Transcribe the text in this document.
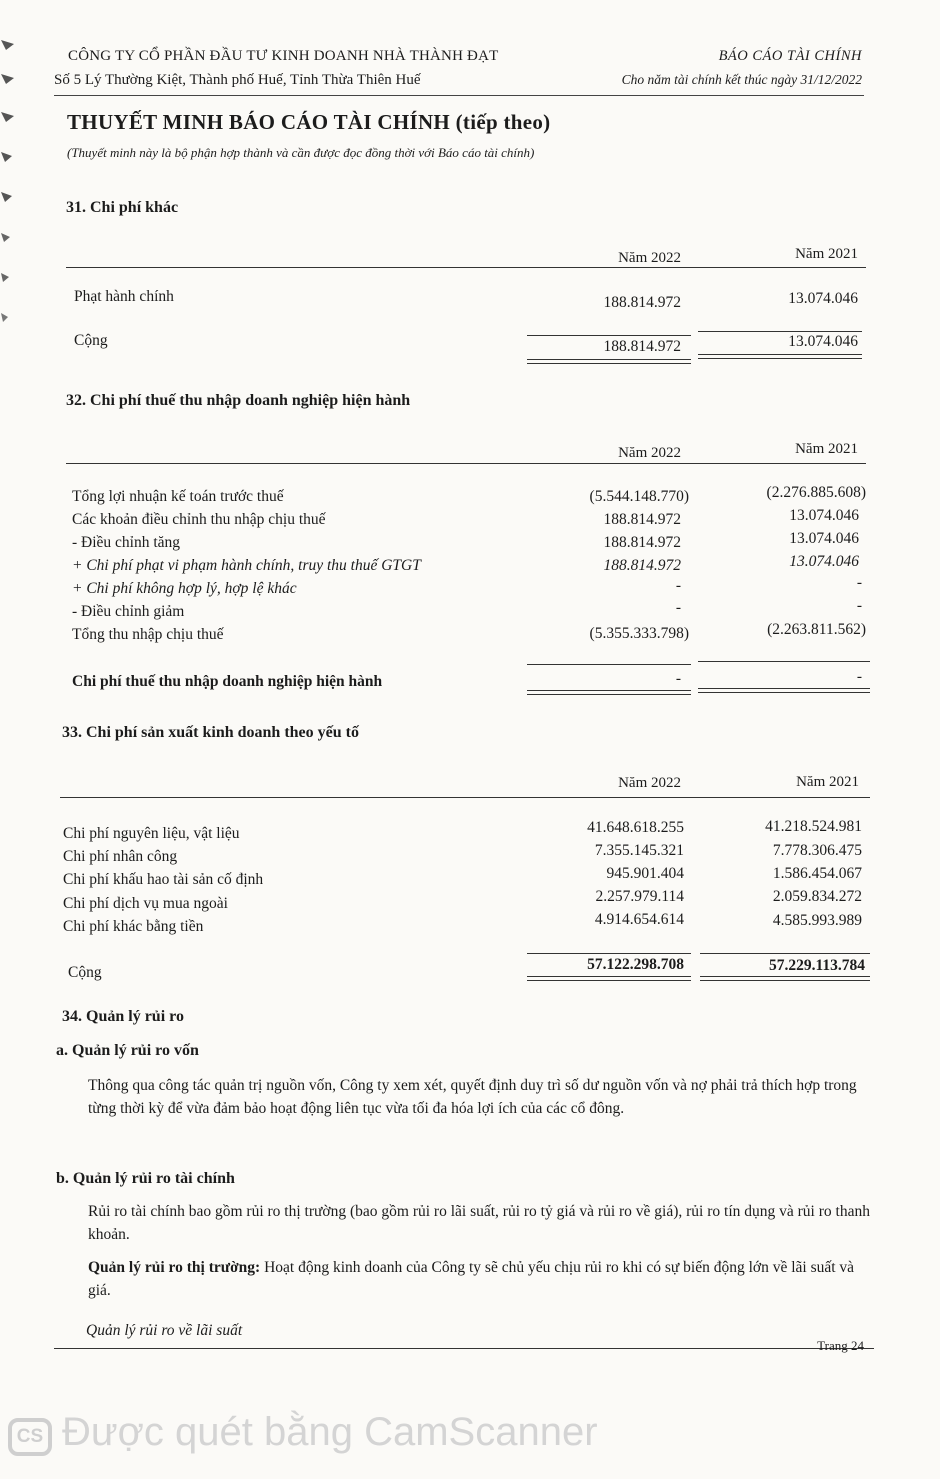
CÔNG TY CỔ PHẦN ĐẦU TƯ KINH DOANH NHÀ THÀNH ĐẠT
Số 5 Lý Thường Kiệt, Thành phố Huế, Tỉnh Thừa Thiên Huế
BÁO CÁO TÀI CHÍNH
Cho năm tài chính kết thúc ngày 31/12/2022
THUYẾT MINH BÁO CÁO TÀI CHÍNH (tiếp theo)
(Thuyết minh này là bộ phận hợp thành và cần được đọc đồng thời với Báo cáo tài chính)
31. Chi phí khác
Năm 2022	Năm 2021
Phạt hành chính	188.814.972	13.074.046
Cộng	188.814.972	13.074.046
32. Chi phí thuế thu nhập doanh nghiệp hiện hành
Năm 2022	Năm 2021
Tổng lợi nhuận kế toán trước thuế	(5.544.148.770)	(2.276.885.608)
Các khoản điều chỉnh thu nhập chịu thuế	188.814.972	13.074.046
- Điều chỉnh tăng	188.814.972	13.074.046
+ Chi phí phạt vi phạm hành chính, truy thu thuế GTGT	188.814.972	13.074.046
+ Chi phí không hợp lý, hợp lệ khác	-	-
- Điều chỉnh giảm	-	-
Tổng thu nhập chịu thuế	(5.355.333.798)	(2.263.811.562)
Chi phí thuế thu nhập doanh nghiệp hiện hành	-	-
33. Chi phí sản xuất kinh doanh theo yếu tố
Năm 2022	Năm 2021
Chi phí nguyên liệu, vật liệu	41.648.618.255	41.218.524.981
Chi phí nhân công	7.355.145.321	7.778.306.475
Chi phí khấu hao tài sản cố định	945.901.404	1.586.454.067
Chi phí dịch vụ mua ngoài	2.257.979.114	2.059.834.272
Chi phí khác bằng tiền	4.914.654.614	4.585.993.989
Cộng	57.122.298.708	57.229.113.784
34. Quản lý rủi ro
a. Quản lý rủi ro vốn
Thông qua công tác quản trị nguồn vốn, Công ty xem xét, quyết định duy trì số dư nguồn vốn và nợ phải trả thích hợp trong từng thời kỳ để vừa đảm bảo hoạt động liên tục vừa tối đa hóa lợi ích của các cổ đông.
b. Quản lý rủi ro tài chính
Rủi ro tài chính bao gồm rủi ro thị trường (bao gồm rủi ro lãi suất, rủi ro tỷ giá và rủi ro về giá), rủi ro tín dụng và rủi ro thanh khoản.
Quản lý rủi ro thị trường: Hoạt động kinh doanh của Công ty sẽ chủ yếu chịu rủi ro khi có sự biến động lớn về lãi suất và giá.
Quản lý rủi ro về lãi suất
Trang 24
CS Được quét bằng CamScanner
